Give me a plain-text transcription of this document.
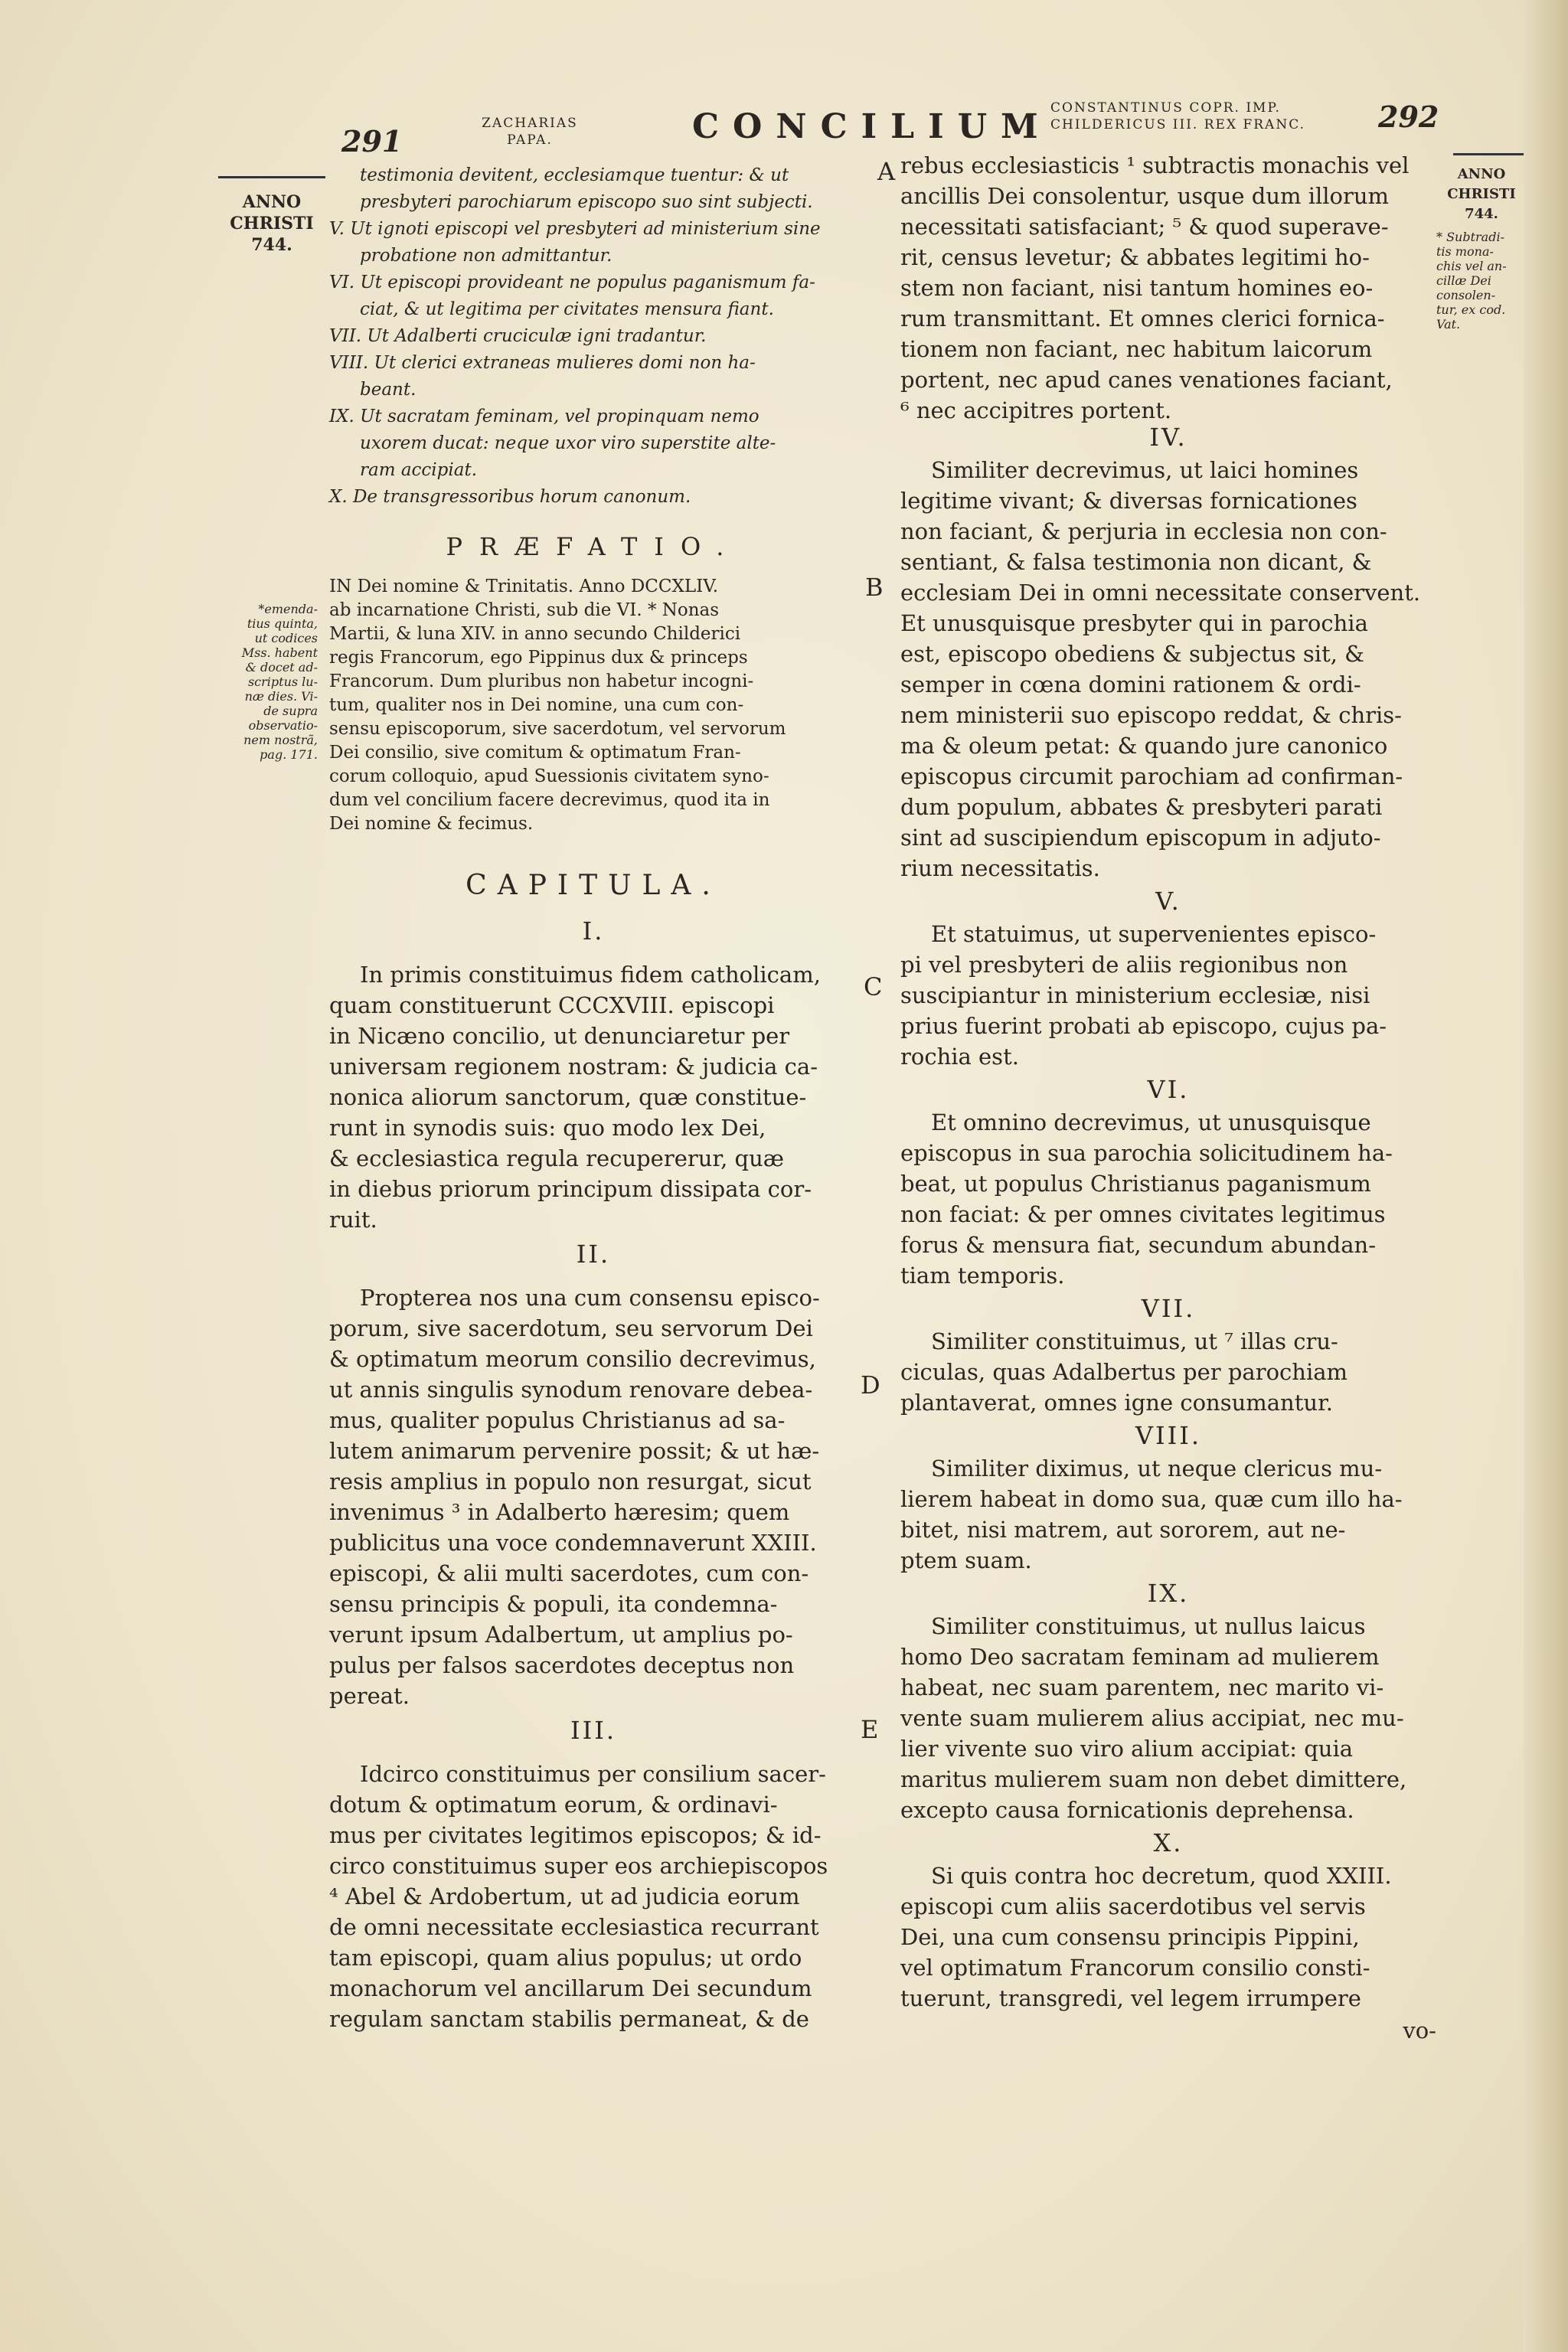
291
ZACHARIAS
PAPA.	CONCILIUM
CONSTANTINUS COPR. IMP.
CHILDERICUS III. REX FRANC.	292
ANNO
CHRISTI
744.
*emenda-
tius quinta,
ut codices
Mss. habent
& docet ad-
scriptus lu-
næ dies. Vi-
de supra
observatio-
nem nostrã,
pag. 171.
ANNO
CHRISTI
744.
* Subtradi-
tis mona-
chis vel an-
cillæ Dei
consolen-
tur, ex cod.
Vat.
A
B
C
D
E
testimonia devitent, ecclesiamque tuentur: & ut
presbyteri parochiarum episcopo suo sint subjecti.
V. Ut ignoti episcopi vel presbyteri ad ministerium sine
probatione non admittantur.
VI. Ut episcopi provideant ne populus paganismum fa-
ciat, & ut legitima per civitates mensura fiant.
VII. Ut Adalberti cruciculæ igni tradantur.
VIII. Ut clerici extraneas mulieres domi non ha-
beant.
IX. Ut sacratam feminam, vel propinquam nemo
uxorem ducat: neque uxor viro superstite alte-
ram accipiat.
X. De transgressoribus horum canonum.
PRÆFATIO.
IN Dei nomine & Trinitatis. Anno DCCXLIV.
ab incarnatione Christi, sub die VI. * Nonas
Martii, & luna XIV. in anno secundo Childerici
regis Francorum, ego Pippinus dux & princeps
Francorum. Dum pluribus non habetur incogni-
tum, qualiter nos in Dei nomine, una cum con-
sensu episcoporum, sive sacerdotum, vel servorum
Dei consilio, sive comitum & optimatum Fran-
corum colloquio, apud Suessionis civitatem syno-
dum vel concilium facere decrevimus, quod ita in
Dei nomine & fecimus.
CAPITULA.
I.
In primis constituimus fidem catholicam,
quam constituerunt CCCXVIII. episcopi
in Nicæno concilio, ut denunciaretur per
universam regionem nostram: & judicia ca-
nonica aliorum sanctorum, quæ constitue-
runt in synodis suis: quo modo lex Dei,
& ecclesiastica regula recupererur, quæ
in diebus priorum principum dissipata cor-
ruit.
II.
Propterea nos una cum consensu episco-
porum, sive sacerdotum, seu servorum Dei
& optimatum meorum consilio decrevimus,
ut annis singulis synodum renovare debea-
mus, qualiter populus Christianus ad sa-
lutem animarum pervenire possit; & ut hæ-
resis amplius in populo non resurgat, sicut
invenimus ³ in Adalberto hæresim; quem
publicitus una voce condemnaverunt XXIII.
episcopi, & alii multi sacerdotes, cum con-
sensu principis & populi, ita condemna-
verunt ipsum Adalbertum, ut amplius po-
pulus per falsos sacerdotes deceptus non
pereat.
III.
Idcirco constituimus per consilium sacer-
dotum & optimatum eorum, & ordinavi-
mus per civitates legitimos episcopos; & id-
circo constituimus super eos archiepiscopos
⁴ Abel & Ardobertum, ut ad judicia eorum
de omni necessitate ecclesiastica recurrant
tam episcopi, quam alius populus; ut ordo
monachorum vel ancillarum Dei secundum
regulam sanctam stabilis permaneat, & de
rebus ecclesiasticis ¹ subtractis monachis vel
ancillis Dei consolentur, usque dum illorum
necessitati satisfaciant; ⁵ & quod superave-
rit, census levetur; & abbates legitimi ho-
stem non faciant, nisi tantum homines eo-
rum transmittant. Et omnes clerici fornica-
tionem non faciant, nec habitum laicorum
portent, nec apud canes venationes faciant,
⁶ nec accipitres portent.
IV.
Similiter decrevimus, ut laici homines
legitime vivant; & diversas fornicationes
non faciant, & perjuria in ecclesia non con-
sentiant, & falsa testimonia non dicant, &
ecclesiam Dei in omni necessitate conservent.
Et unusquisque presbyter qui in parochia
est, episcopo obediens & subjectus sit, &
semper in cœna domini rationem & ordi-
nem ministerii suo episcopo reddat, & chris-
ma & oleum petat: & quando jure canonico
episcopus circumit parochiam ad confirman-
dum populum, abbates & presbyteri parati
sint ad suscipiendum episcopum in adjuto-
rium necessitatis.
V.
Et statuimus, ut supervenientes episco-
pi vel presbyteri de aliis regionibus non
suscipiantur in ministerium ecclesiæ, nisi
prius fuerint probati ab episcopo, cujus pa-
rochia est.
VI.
Et omnino decrevimus, ut unusquisque
episcopus in sua parochia solicitudinem ha-
beat, ut populus Christianus paganismum
non faciat: & per omnes civitates legitimus
forus & mensura fiat, secundum abundan-
tiam temporis.
VII.
Similiter constituimus, ut ⁷ illas cru-
ciculas, quas Adalbertus per parochiam
plantaverat, omnes igne consumantur.
VIII.
Similiter diximus, ut neque clericus mu-
lierem habeat in domo sua, quæ cum illo ha-
bitet, nisi matrem, aut sororem, aut ne-
ptem suam.
IX.
Similiter constituimus, ut nullus laicus
homo Deo sacratam feminam ad mulierem
habeat, nec suam parentem, nec marito vi-
vente suam mulierem alius accipiat, nec mu-
lier vivente suo viro alium accipiat: quia
maritus mulierem suam non debet dimittere,
excepto causa fornicationis deprehensa.
X.
Si quis contra hoc decretum, quod XXIII.
episcopi cum aliis sacerdotibus vel servis
Dei, una cum consensu principis Pippini,
vel optimatum Francorum consilio consti-
tuerunt, transgredi, vel legem irrumpere
vo-
